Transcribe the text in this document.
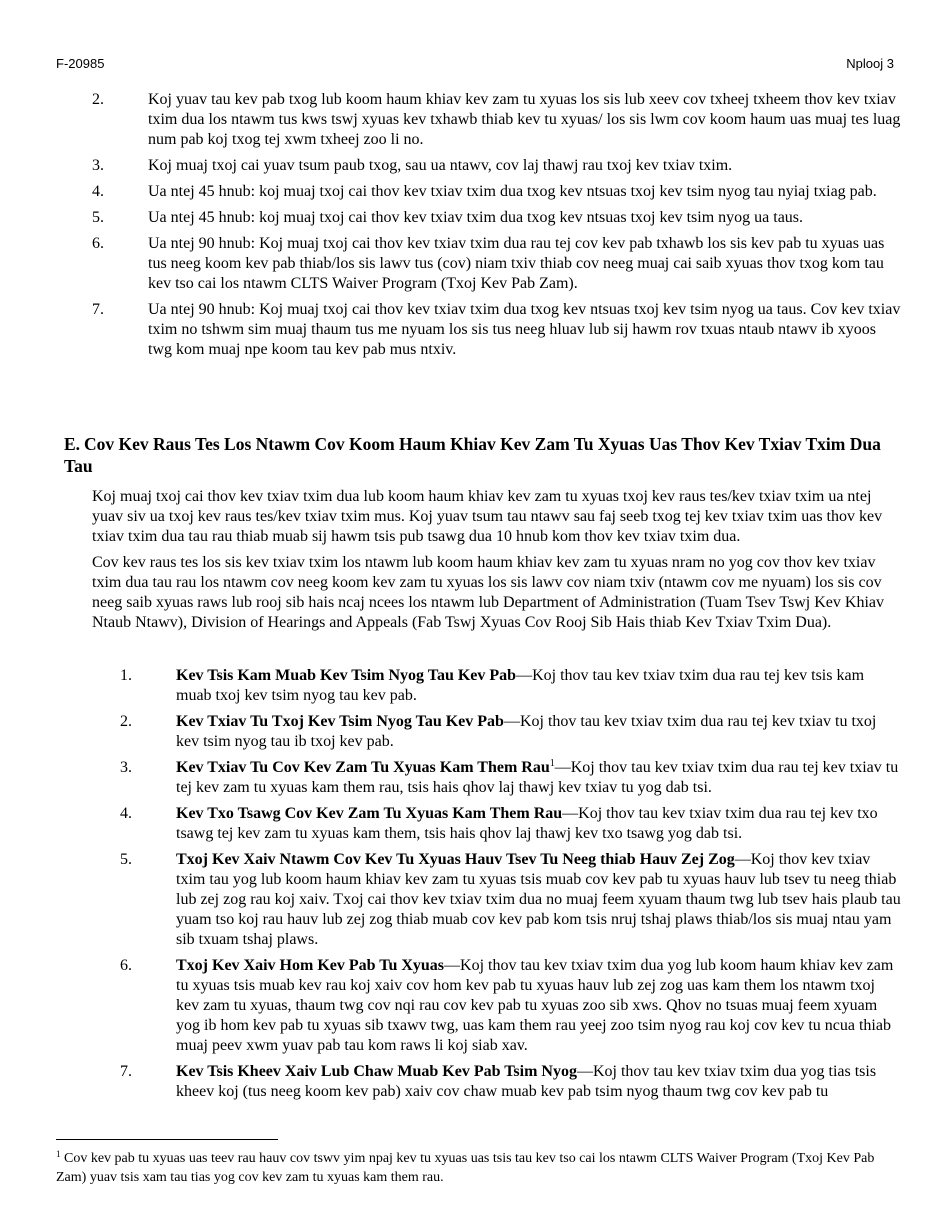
F-20985	Nplooj 3
2.	Koj yuav tau kev pab txog lub koom haum khiav kev zam tu xyuas los sis lub xeev cov txheej txheem thov kev txiav txim dua los ntawm tus kws tswj xyuas kev txhawb thiab kev tu xyuas/ los sis lwm cov koom haum uas muaj tes luag num pab koj txog tej xwm txheej zoo li no.
3.	Koj muaj txoj cai yuav tsum paub txog, sau ua ntawv, cov laj thawj rau txoj kev txiav txim.
4.	Ua ntej 45 hnub: koj muaj txoj cai thov kev txiav txim dua txog kev ntsuas txoj kev tsim nyog tau nyiaj txiag pab.
5.	Ua ntej 45 hnub: koj muaj txoj cai thov kev txiav txim dua txog kev ntsuas txoj kev tsim nyog ua taus.
6.	Ua ntej 90 hnub: Koj muaj txoj cai thov kev txiav txim dua rau tej cov kev pab txhawb los sis kev pab tu xyuas uas tus neeg koom kev pab thiab/los sis lawv tus (cov) niam txiv thiab cov neeg muaj cai saib xyuas thov txog kom tau kev tso cai los ntawm CLTS Waiver Program (Txoj Kev Pab Zam).
7.	Ua ntej 90 hnub: Koj muaj txoj cai thov kev txiav txim dua txog kev ntsuas txoj kev tsim nyog ua taus. Cov kev txiav txim no tshwm sim muaj thaum tus me nyuam los sis tus neeg hluav lub sij hawm rov txuas ntaub ntawv ib xyoos twg kom muaj npe koom tau kev pab mus ntxiv.
E. Cov Kev Raus Tes Los Ntawm Cov Koom Haum Khiav Kev Zam Tu Xyuas Uas Thov Kev Txiav Txim Dua Tau

Koj muaj txoj cai thov kev txiav txim dua lub koom haum khiav kev zam tu xyuas txoj kev raus tes/kev txiav txim ua ntej yuav siv ua txoj kev raus tes/kev txiav txim mus. Koj yuav tsum tau ntawv sau faj seeb txog tej kev txiav txim uas thov kev txiav txim dua tau rau thiab muab sij hawm tsis pub tsawg dua 10 hnub kom thov kev txiav txim dua.

Cov kev raus tes los sis kev txiav txim los ntawm lub koom haum khiav kev zam tu xyuas nram no yog cov thov kev txiav txim dua tau rau los ntawm cov neeg koom kev zam tu xyuas los sis lawv cov niam txiv (ntawm cov me nyuam) los sis cov neeg saib xyuas raws lub rooj sib hais ncaj ncees los ntawm lub Department of Administration (Tuam Tsev Tswj Kev Khiav Ntaub Ntawv), Division of Hearings and Appeals (Fab Tswj Xyuas Cov Rooj Sib Hais thiab Kev Txiav Txim Dua).

1.	Kev Tsis Kam Muab Kev Tsim Nyog Tau Kev Pab—Koj thov tau kev txiav txim dua rau tej kev tsis kam muab txoj kev tsim nyog tau kev pab.
2.	Kev Txiav Tu Txoj Kev Tsim Nyog Tau Kev Pab—Koj thov tau kev txiav txim dua rau tej kev txiav tu txoj kev tsim nyog tau ib txoj kev pab.
3.	Kev Txiav Tu Cov Kev Zam Tu Xyuas Kam Them Rau$^1$—Koj thov tau kev txiav txim dua rau tej kev txiav tu tej kev zam tu xyuas kam them rau, tsis hais qhov laj thawj kev txiav tu yog dab tsi.
4.	Kev Txo Tsawg Cov Kev Zam Tu Xyuas Kam Them Rau—Koj thov tau kev txiav txim dua rau tej kev txo tsawg tej kev zam tu xyuas kam them, tsis hais qhov laj thawj kev txo tsawg yog dab tsi.
5.	Txoj Kev Xaiv Ntawm Cov Kev Tu Xyuas Hauv Tsev Tu Neeg thiab Hauv Zej Zog—Koj thov kev txiav txim tau yog lub koom haum khiav kev zam tu xyuas tsis muab cov kev pab tu xyuas hauv lub tsev tu neeg thiab lub zej zog rau koj xaiv. Txoj cai thov kev txiav txim dua no muaj feem xyuam thaum twg lub tsev hais plaub tau yuam tso koj rau hauv lub zej zog thiab muab cov kev pab kom tsis nruj tshaj plaws thiab/los sis muaj ntau yam sib txuam tshaj plaws.
6.	Txoj Kev Xaiv Hom Kev Pab Tu Xyuas—Koj thov tau kev txiav txim dua yog lub koom haum khiav kev zam tu xyuas tsis muab kev rau koj xaiv cov hom kev pab tu xyuas hauv lub zej zog uas kam them los ntawm txoj kev zam tu xyuas, thaum twg cov nqi rau cov kev pab tu xyuas zoo sib xws. Qhov no tsuas muaj feem xyuam yog ib hom kev pab tu xyuas sib txawv twg, uas kam them rau yeej zoo tsim nyog rau koj cov kev tu ncua thiab muaj peev xwm yuav pab tau kom raws li koj siab xav.
7.	Kev Tsis Kheev Xaiv Lub Chaw Muab Kev Pab Tsim Nyog—Koj thov tau kev txiav txim dua yog tias tsis kheev koj (tus neeg koom kev pab) xaiv cov chaw muab kev pab tsim nyog thaum twg cov kev pab tu

$^1$ Cov kev pab tu xyuas uas teev rau hauv cov tswv yim npaj kev tu xyuas uas tsis tau kev tso cai los ntawm CLTS Waiver Program (Txoj Kev Pab Zam) yuav tsis xam tau tias yog cov kev zam tu xyuas kam them rau.
